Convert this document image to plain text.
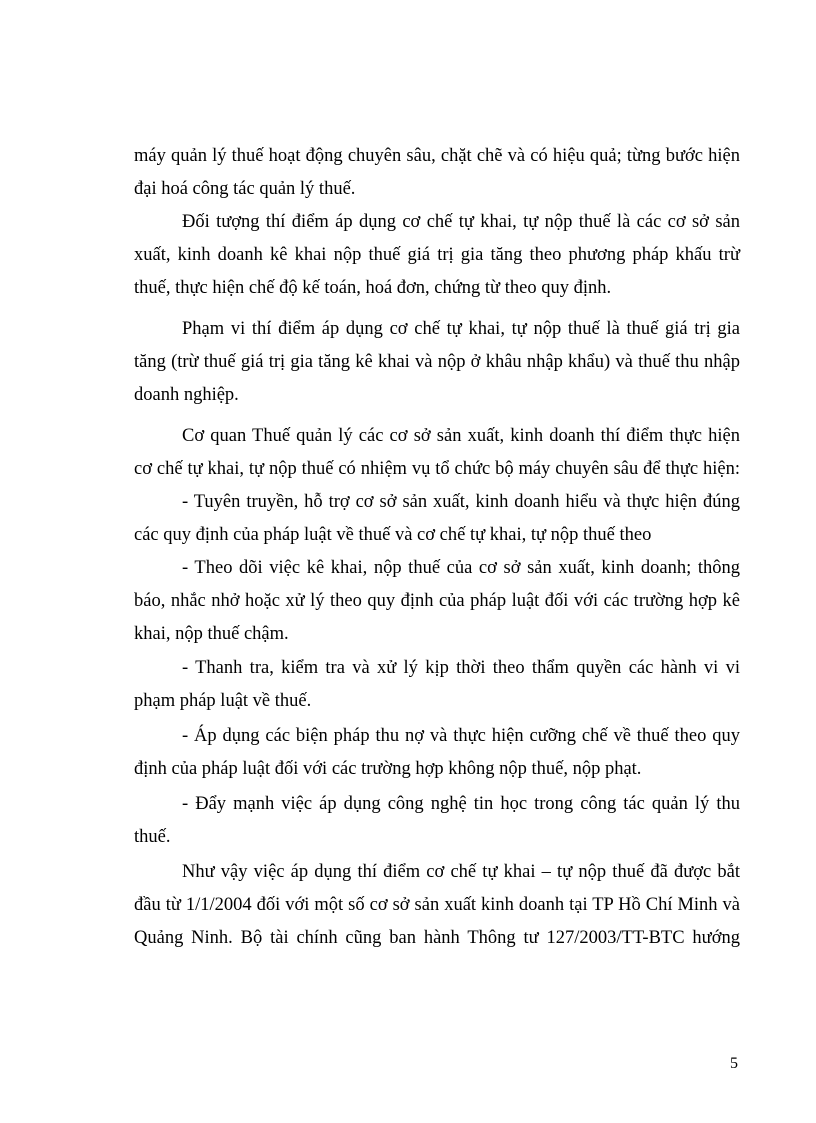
máy quản lý thuế hoạt động chuyên sâu, chặt chẽ và có hiệu quả; từng bước hiện
đại hoá công tác quản lý thuế.
Đối tượng thí điểm áp dụng cơ chế tự khai, tự nộp thuế là các cơ sở sản
xuất, kinh doanh kê khai nộp thuế giá trị gia tăng theo phương pháp khấu trừ
thuế, thực hiện chế độ kế toán, hoá đơn, chứng từ theo quy định.
Phạm vi thí điểm áp dụng cơ chế tự khai, tự nộp thuế là thuế giá trị gia
tăng (trừ thuế giá trị gia tăng kê khai và nộp ở khâu nhập khẩu) và thuế thu nhập
doanh nghiệp.
Cơ quan Thuế quản lý các cơ sở sản xuất, kinh doanh thí điểm thực hiện
cơ chế tự khai, tự nộp thuế có nhiệm vụ tổ chức bộ máy chuyên sâu để thực hiện:
- Tuyên truyền, hỗ trợ cơ sở sản xuất, kinh doanh hiểu và thực hiện đúng
các quy định của pháp luật về thuế và cơ chế tự khai, tự nộp thuế theo
- Theo dõi việc kê khai, nộp thuế của cơ sở sản xuất, kinh doanh; thông
báo, nhắc nhở hoặc xử lý theo quy định của pháp luật đối với các trường hợp kê
khai, nộp thuế chậm.
- Thanh tra, kiểm tra và xử lý kịp thời theo thẩm quyền các hành vi vi
phạm pháp luật về thuế.
- Áp dụng các biện pháp thu nợ và thực hiện cưỡng chế về thuế theo quy
định của pháp luật đối với các trường hợp không nộp thuế, nộp phạt.
- Đẩy mạnh việc áp dụng công nghệ tin học trong công tác quản lý thu
thuế.
Như vậy việc áp dụng thí điểm cơ chế tự khai – tự nộp thuế đã được bắt
đầu từ 1/1/2004 đối với một số cơ sở sản xuất kinh doanh tại TP Hồ Chí Minh và
Quảng Ninh. Bộ tài chính cũng ban hành Thông tư 127/2003/TT-BTC hướng
5
